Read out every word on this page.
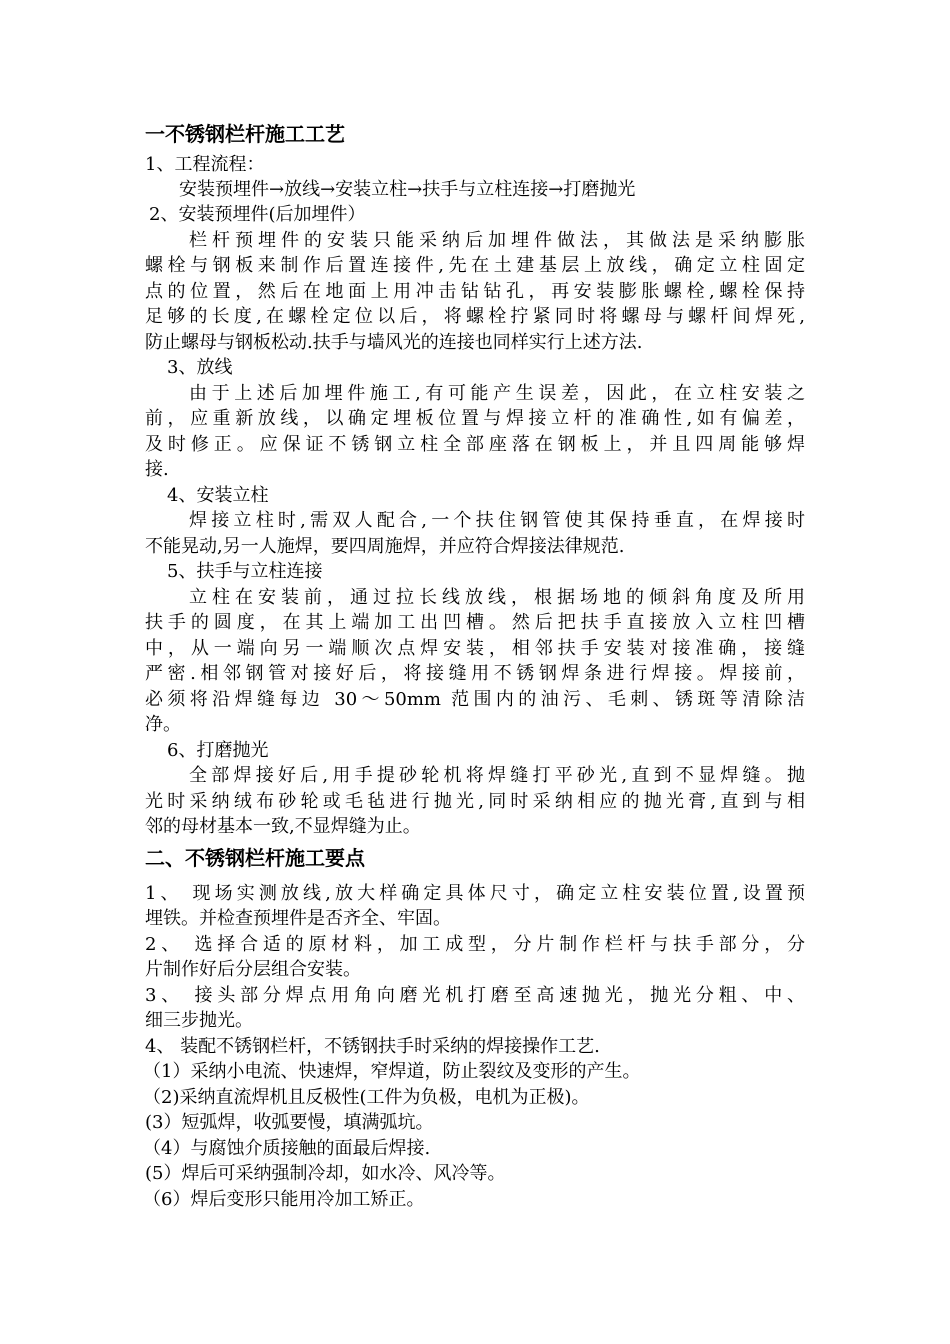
一不锈钢栏杆施工工艺
1、工程流程：
安装预埋件→放线→安装立柱→扶手与立柱连接→打磨抛光
2、安装预埋件(后加埋件）
栏杆预埋件的安装只能采纳后加埋件做法，其做法是采纳膨胀
螺栓与钢板来制作后置连接件,先在土建基层上放线，确定立柱固定
点的位置，然后在地面上用冲击钻钻孔，再安装膨胀螺栓,螺栓保持
足够的长度,在螺栓定位以后，将螺栓拧紧同时将螺母与螺杆间焊死,
防止螺母与钢板松动.扶手与墙风光的连接也同样实行上述方法.
3、放线
由于上述后加埋件施工,有可能产生误差，因此，在立柱安装之
前，应重新放线，以确定埋板位置与焊接立杆的准确性,如有偏差，
及时修正。应保证不锈钢立柱全部座落在钢板上，并且四周能够焊
接.
4、安装立柱
焊接立柱时,需双人配合,一个扶住钢管使其保持垂直，在焊接时
不能晃动,另一人施焊，要四周施焊，并应符合焊接法律规范.
5、扶手与立柱连接
立柱在安装前，通过拉长线放线，根据场地的倾斜角度及所用
扶手的圆度，在其上端加工出凹槽。然后把扶手直接放入立柱凹槽
中，从一端向另一端顺次点焊安装，相邻扶手安装对接准确，接缝
严密.相邻钢管对接好后，将接缝用不锈钢焊条进行焊接。焊接前，
必须将沿焊缝每边 30～50mm 范围内的油污、毛刺、锈斑等清除洁
净。
6、打磨抛光
全部焊接好后,用手提砂轮机将焊缝打平砂光,直到不显焊缝。抛
光时采纳绒布砂轮或毛毡进行抛光,同时采纳相应的抛光膏,直到与相
邻的母材基本一致,不显焊缝为止。
二、不锈钢栏杆施工要点
1、 现场实测放线,放大样确定具体尺寸，确定立柱安装位置,设置预
埋铁。并检查预埋件是否齐全、牢固。
2、 选择合适的原材料，加工成型，分片制作栏杆与扶手部分，分
片制作好后分层组合安装。
3、 接头部分焊点用角向磨光机打磨至高速抛光，抛光分粗、中、
细三步抛光。
4、 装配不锈钢栏杆，不锈钢扶手时采纳的焊接操作工艺.
（1）采纳小电流、快速焊，窄焊道，防止裂纹及变形的产生。
（2)采纳直流焊机且反极性(工件为负极，电机为正极)。
(3）短弧焊，收弧要慢，填满弧坑。
（4）与腐蚀介质接触的面最后焊接.
(5）焊后可采纳强制冷却，如水冷、风冷等。
（6）焊后变形只能用冷加工矫正。
